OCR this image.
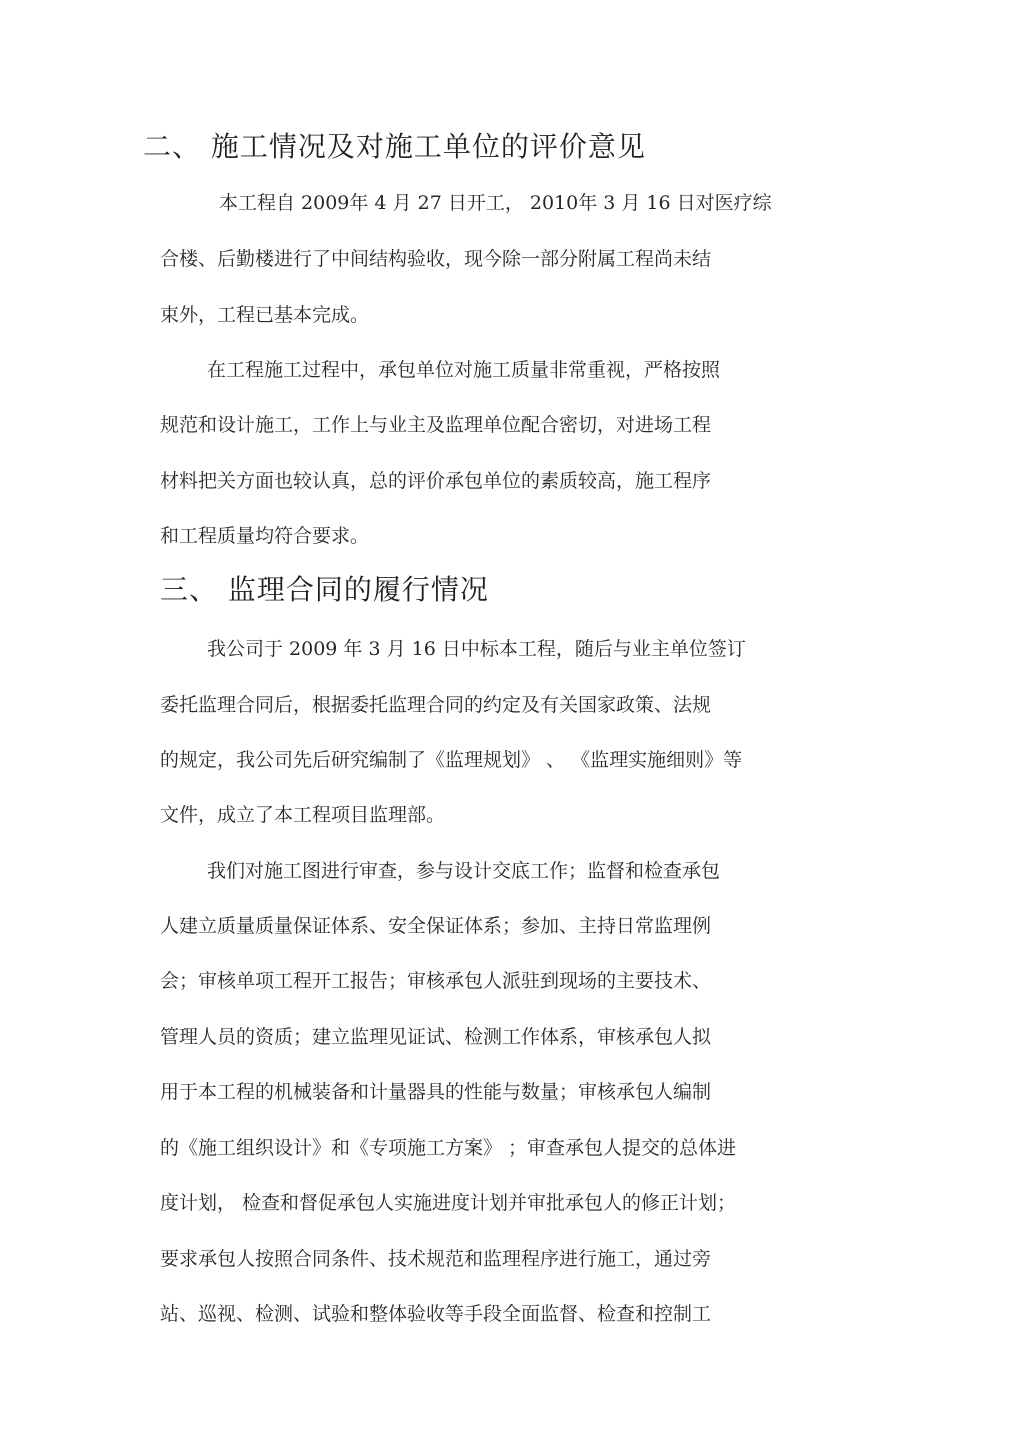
二、 施工情况及对施工单位的评价意见
本工程自 2009年 4 月 27 日开工， 2010年 3 月 16 日对医疗综
合楼、后勤楼进行了中间结构验收，现今除一部分附属工程尚未结
束外，工程已基本完成。
在工程施工过程中，承包单位对施工质量非常重视，严格按照
规范和设计施工，工作上与业主及监理单位配合密切，对进场工程
材料把关方面也较认真，总的评价承包单位的素质较高，施工程序
和工程质量均符合要求。
三、 监理合同的履行情况
我公司于 2009 年 3 月 16 日中标本工程，随后与业主单位签订
委托监理合同后，根据委托监理合同的约定及有关国家政策、法规
的规定，我公司先后研究编制了《监理规划》 、 《监理实施细则》等
文件，成立了本工程项目监理部。
我们对施工图进行审查，参与设计交底工作；监督和检查承包
人建立质量质量保证体系、安全保证体系；参加、主持日常监理例
会；审核单项工程开工报告；审核承包人派驻到现场的主要技术、
管理人员的资质；建立监理见证试、检测工作体系，审核承包人拟
用于本工程的机械装备和计量器具的性能与数量；审核承包人编制
的《施工组织设计》和《专项施工方案》 ；审查承包人提交的总体进
度计划， 检查和督促承包人实施进度计划并审批承包人的修正计划；
要求承包人按照合同条件、技术规范和监理程序进行施工，通过旁
站、巡视、检测、试验和整体验收等手段全面监督、检查和控制工
